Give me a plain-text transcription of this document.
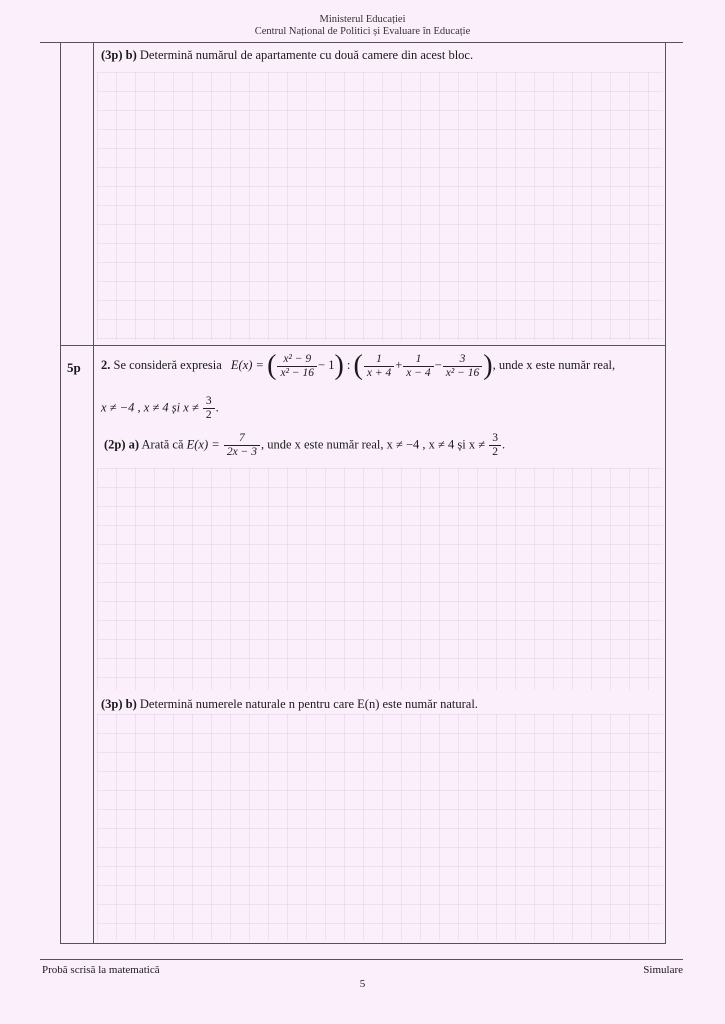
Ministerul Educației
Centrul Național de Politici și Evaluare în Educație
(3p) b) Determină numărul de apartamente cu două camere din acest bloc.
5p 2. Se consideră expresia E(x) = ( $\frac{\text{x² − 9}}{\text{x² − 16}} - 1$) : ( $\frac{1}{x + 4} + \frac{1}{x - 4} - \frac{3}{\text{x² − 16}}$ ), unde x este număr real,
x ≠ −4 , x ≠ 4 și $x \ne \frac{3}{2}$ .
(2p) a) Arată că $E(x) = \frac{7}{2x - 3}$ , unde x este număr real, x ≠ −4 , x ≠ 4 și $x \ne \frac{3}{2}$ .
(3p) b) Determină numerele naturale n pentru care E(n) este număr natural.
Probă scrisă la matematică	Simulare
5
